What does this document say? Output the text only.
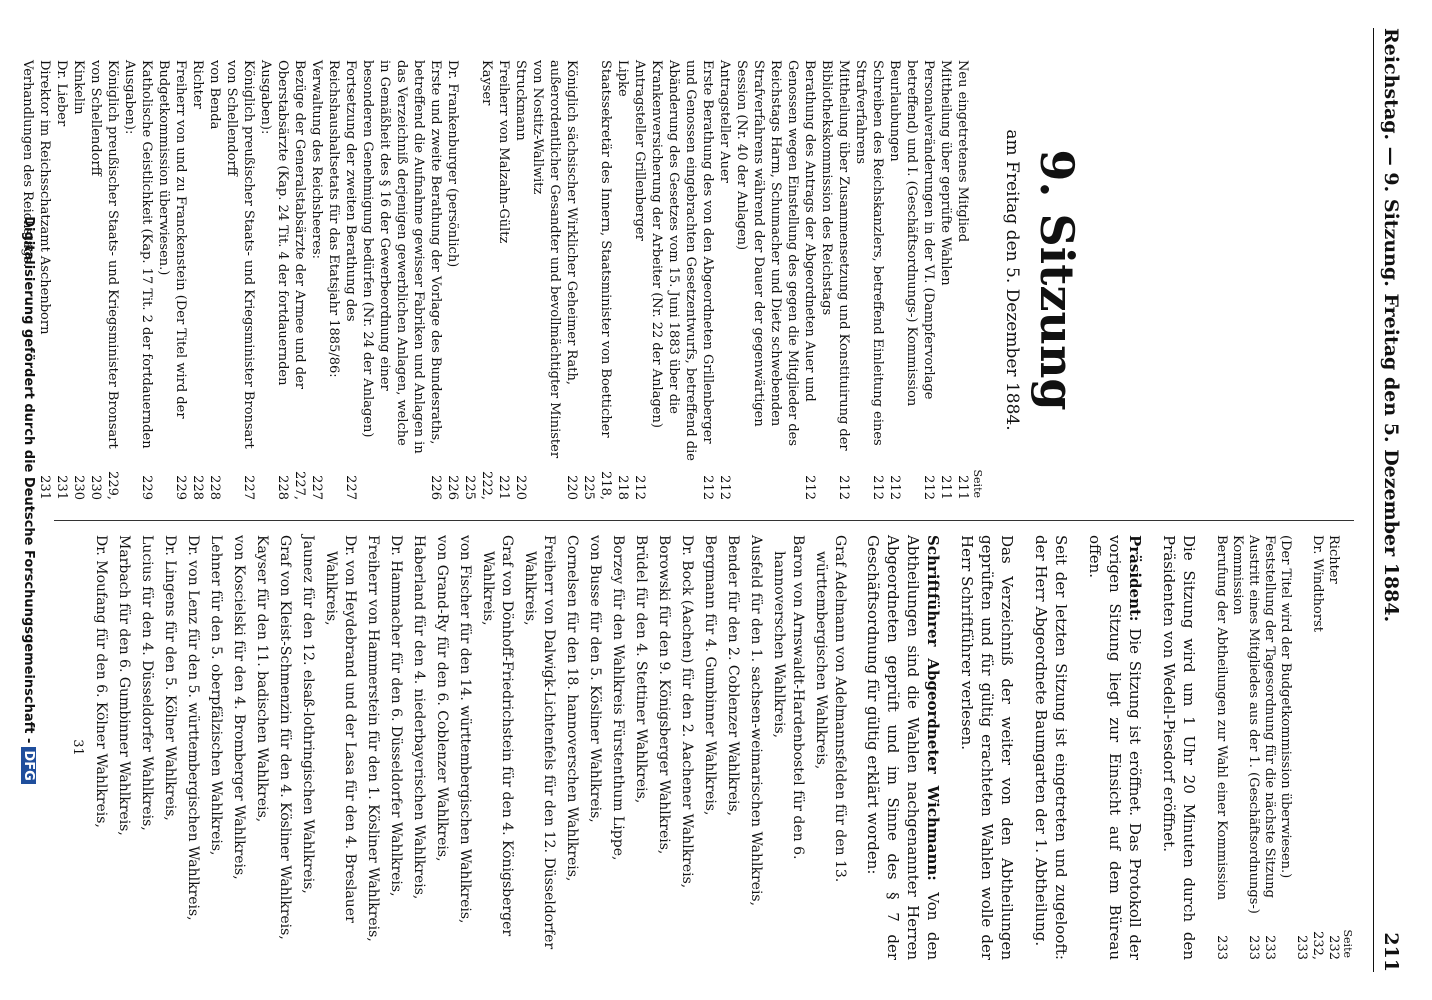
Reichstag. — 9. Sitzung. Freitag den 5. Dezember 1884.
211
9. Sitzung
am Freitag den 5. Dezember 1884.
Seite
Neu eingetretenes Mitglied
211
Mittheilung über geprüfte Wahlen
211
Personalveränderungen in der VI. (Dampfervorlage betreffend) und I. (Geschäftsordnungs-) Kommission
212
Beurlaubungen
212
Schreiben des Reichskanzlers, betreffend Einleitung eines Strafverfahrens
212
Mittheilung über Zusammensetzung und Konstituirung der Bibliothekskommission des Reichstags
212
Berathung des Antrags der Abgeordneten Auer und Genossen wegen Einstellung des gegen die Mitglieder des Reichstags Harm, Schumacher und Dietz schwebenden Strafverfahrens während der Dauer der gegenwärtigen Session (Nr. 40 der Anlagen)
212
Antragsteller Auer
212
Erste Berathung des von den Abgeordneten Grillenberger und Genossen eingebrachten Gesetzentwurfs, betreffend die Abänderung des Gesetzes vom 15. Juni 1883 über die Krankenversicherung der Arbeiter (Nr. 22 der Anlagen)
212
Antragsteller Grillenberger
212
Lipke
218
Staatssekretär des Innern, Staatsminister von Boetticher
218, 225
Königlich sächsischer Wirklicher Geheimer Rath, außerordentlicher Gesandter und bevollmächtigter Minister von Nostitz-Wallwitz
220
Struckmann
220
Freiherr von Malzahn-Gültz
221
Kayser
222, 225
Dr. Frankenburger (persönlich)
226
Erste und zweite Berathung der Vorlage des Bundesraths, betreffend die Aufnahme gewisser Fabriken und Anlagen in das Verzeichniß derjenigen gewerblichen Anlagen, welche in Gemäßheit des § 16 der Gewerbeordnung einer besonderen Genehmigung bedürfen (Nr. 24 der Anlagen)
226
Fortsetzung der zweiten Berathung des Reichshaushaltsetats für das Etatsjahr 1885/86:
227
Verwaltung des Reichsheeres:
227
Bezüge der Generalstabsärzte der Armee und der Oberstabsärzte (Kap. 24 Tit. 4 der fortdauernden Ausgaben):
227, 228
Königlich preußischer Staats- und Kriegsminister Bronsart von Schellendorff
227
von Benda
228
Richter
228
Freiherr von und zu Franckenstein (Der Titel wird der Budgetkommission überwiesen.)
229
Katholische Geistlichkeit (Kap. 17 Tit. 2 der fortdauernden Ausgaben):
229
Königlich preußischer Staats- und Kriegsminister Bronsart von Schellendorff
229, 230
Kinkelin
230
Dr. Lieber
231
Direktor im Reichsschatzamt Aschenborn
231
Verhandlungen des Reichstags.
Seite
Richter
232
Dr. Windthorst
232, 233
(Der Titel wird der Budgetkommission überwiesen.)
Feststellung der Tagesordnung für die nächste Sitzung
233
Austritt eines Mitgliedes aus der 1. (Geschäftsordnungs-) Kommission
233
Berufung der Abtheilungen zur Wahl einer Kommission
233

Die Sitzung wird um 1 Uhr 20 Minuten durch den Präsidenten von Wedell-Piesdorf eröffnet.

Präsident: Die Sitzung ist eröffnet. Das Protokoll der vorigen Sitzung liegt zur Einsicht auf dem Büreau offen.

Seit der letzten Sitzung ist eingetreten und zugelooft: der Herr Abgeordnete Baumgarten der 1. Abtheilung.

Das Verzeichniß der weiter von den Abtheilungen geprüften und für gültig erachteten Wahlen wolle der Herr Schriftführer verlesen.

Schriftführer Abgeordneter Wichmann: Von den Abtheilungen sind die Wahlen nachgenannter Herren Abgeordneten geprüft und im Sinne des § 7 der Geschäftsordnung für gültig erklärt worden:

Graf Adelmann von Adelmannsfelden für den 13. württembergischen Wahlkreis,
Baron von Arnswaldt-Hardenbostel für den 6. hannoverschen Wahlkreis,
Ausfeld für den 1. sachsen-weimarischen Wahlkreis,
Bender für den 2. Coblenzer Wahlkreis,
Bergmann für 4. Gumbinner Wahlkreis,
Dr. Bock (Aachen) für den 2. Aachener Wahlkreis,
Borowski für den 9. Königsberger Wahlkreis,
Brüdel für den 4. Stettiner Wahlkreis,
Borzey für den Wahlkreis Fürstenthum Lippe,
von Busse für den 5. Kösliner Wahlkreis,
Cornelsen für den 18. hannoverschen Wahlkreis,
Freiherr von Dalwigk-Lichtenfels für den 12. Düsseldorfer Wahlkreis,
Graf von Dönhoff-Friedrichstein für den 4. Königsberger Wahlkreis,
von Fischer für den 14. württembergischen Wahlkreis,
von Grand-Ry für den 6. Coblenzer Wahlkreis,
Haberland für den 4. niederbayerischen Wahlkreis,
Dr. Hammacher für den 6. Düsseldorfer Wahlkreis,
Freiherr von Hammerstein für den 1. Kösliner Wahlkreis,
Dr. von Heydebrand und der Lasa für den 4. Breslauer Wahlkreis,
Jaunez für den 12. elsaß-lothringischen Wahlkreis,
Graf von Kleist-Schmenzin für den 4. Kösliner Wahlkreis,
Kayser für den 11. badischen Wahlkreis,
von Koscielski für den 4. Bromberger Wahlkreis,
Lehner für den 5. oberpfälzischen Wahlkreis,
Dr. von Lenz für den 5. württembergischen Wahlkreis,
Dr. Lingens für den 5. Kölner Wahlkreis,
Lucius für den 4. Düsseldorfer Wahlkreis,
Marbach für den 6. Gumbinner Wahlkreis,
Dr. Moufang für den 6. Kölner Wahlkreis,
31
Digitalisierung gefördert durch die Deutsche Forschungsgemeinschaft -DFG
